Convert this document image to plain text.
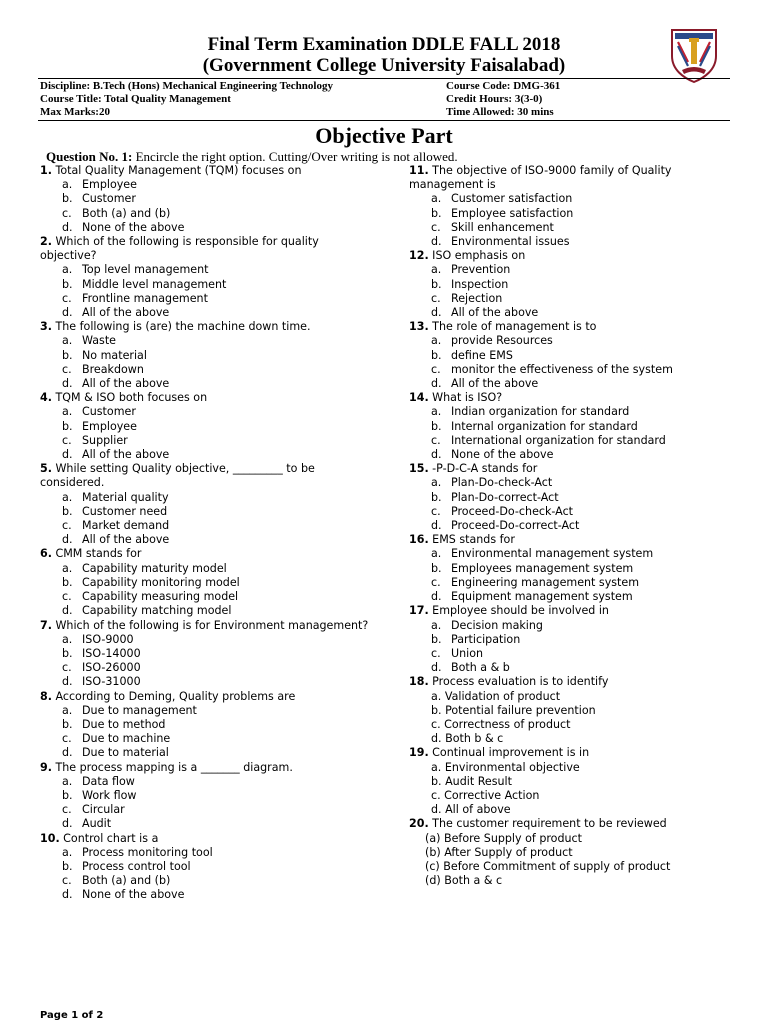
Final Term Examination DDLE FALL 2018
(Government College University Faisalabad)
Discipline: B.Tech (Hons) Mechanical Engineering Technology
Course Title: Total Quality Management
Max Marks:20
Course Code: DMG-361
Credit Hours: 3(3-0)
Time Allowed: 30 mins
Objective Part
Question No. 1: Encircle the right option. Cutting/Over writing is not allowed.
1. Total Quality Management (TQM) focuses on
a. Employee
b. Customer
c. Both (a) and (b)
d. None of the above
2. Which of the following is responsible for quality objective?
a. Top level management
b. Middle level management
c. Frontline management
d. All of the above
3. The following is (are) the machine down time.
a. Waste
b. No material
c. Breakdown
d. All of the above
4. TQM & ISO both focuses on
a. Customer
b. Employee
c. Supplier
d. All of the above
5. While setting Quality objective, _________ to be considered.
a. Material quality
b. Customer need
c. Market demand
d. All of the above
6. CMM stands for
a. Capability maturity model
b. Capability monitoring model
c. Capability measuring model
d. Capability matching model
7. Which of the following is for Environment management?
a. ISO-9000
b. ISO-14000
c. ISO-26000
d. ISO-31000
8. According to Deming, Quality problems are
a. Due to management
b. Due to method
c. Due to machine
d. Due to material
9. The process mapping is a _______ diagram.
a. Data flow
b. Work flow
c. Circular
d. Audit
10. Control chart is a
a. Process monitoring tool
b. Process control tool
c. Both (a) and (b)
d. None of the above
11. The objective of ISO-9000 family of Quality management is
a. Customer satisfaction
b. Employee satisfaction
c. Skill enhancement
d. Environmental issues
12. ISO emphasis on
a. Prevention
b. Inspection
c. Rejection
d. All of the above
13. The role of management is to
a. provide Resources
b. define EMS
c. monitor the effectiveness of the system
d. All of the above
14. What is ISO?
a. Indian organization for standard
b. Internal organization for standard
c. International organization for standard
d. None of the above
15. -P-D-C-A stands for
a. Plan-Do-check-Act
b. Plan-Do-correct-Act
c. Proceed-Do-check-Act
d. Proceed-Do-correct-Act
16. EMS stands for
a. Environmental management system
b. Employees management system
c. Engineering management system
d. Equipment management system
17. Employee should be involved in
a. Decision making
b. Participation
c. Union
d. Both a & b
18. Process evaluation is to identify
a. Validation of product
b. Potential failure prevention
c. Correctness of product
d. Both b & c
19. Continual improvement is in
a. Environmental objective
b. Audit Result
c. Corrective Action
d. All of above
20. The customer requirement to be reviewed
(a) Before Supply of product
(b) After Supply of product
(c) Before Commitment of supply of product
(d) Both a & c
Page 1 of 2
